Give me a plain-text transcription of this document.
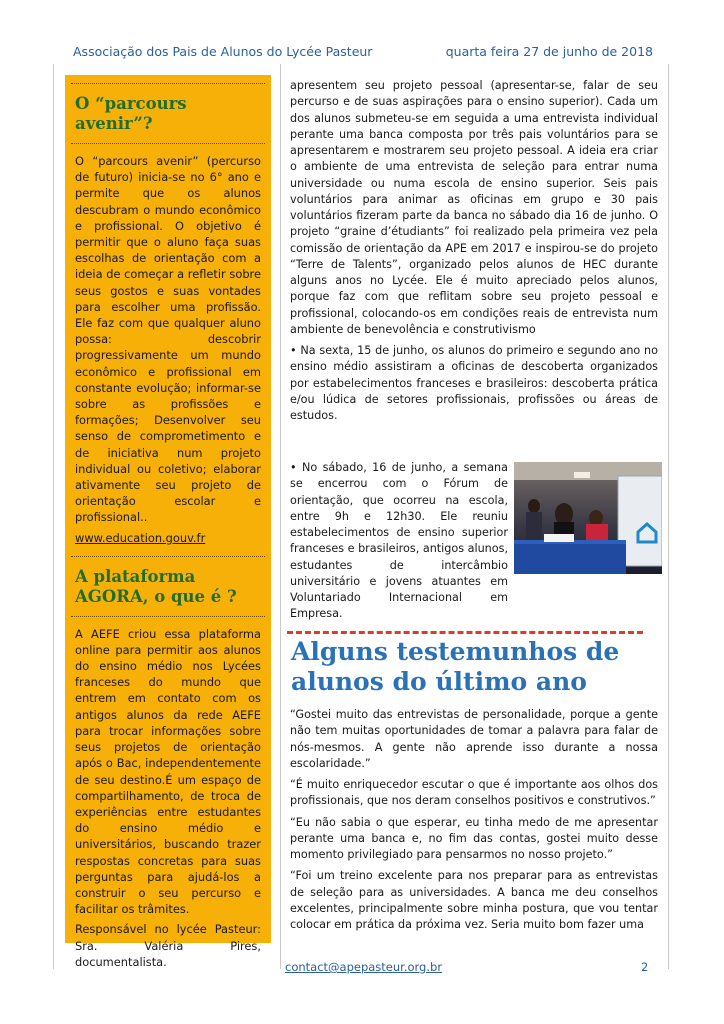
Associação dos Pais de Alunos do Lycée Pasteur	quarta feira 27 de junho de 2018
O “parcours avenir”?

O “parcours avenir” (percurso de futuro) inicia-se no 6° ano e permite que os alunos descubram o mundo econômico e profissional. O objetivo é permitir que o aluno faça suas escolhas de orientação com a ideia de começar a refletir sobre seus gostos e suas vontades para escolher uma profissão. Ele faz com que qualquer aluno possa: descobrir progressivamente um mundo econômico e profissional em constante evolução; informar-se sobre as profissões e formações; Desenvolver seu senso de comprometimento e de iniciativa num projeto individual ou coletivo; elaborar ativamente seu projeto de orientação escolar e profissional..

www.education.gouv.fr
A plataforma AGORA, o que é ?

A AEFE criou essa plataforma online para permitir aos alunos do ensino médio nos Lycées franceses do mundo que entrem em contato com os antigos alunos da rede AEFE para trocar informações sobre seus projetos de orientação após o Bac, independentemente de seu destino.É um espaço de compartilhamento, de troca de experiências entre estudantes do ensino médio e universitários, buscando trazer respostas concretas para suas perguntas para ajudá-los a construir o seu percurso e facilitar os trâmites.

Responsável no lycée Pasteur: Sra. Valéria Pires, documentalista.

apresentem seu projeto pessoal (apresentar-se, falar de seu percurso e de suas aspirações para o ensino superior). Cada um dos alunos submeteu-se em seguida a uma entrevista individual perante uma banca composta por três pais voluntários para se apresentarem e mostrarem seu projeto pessoal. A ideia era criar o ambiente de uma entrevista de seleção para entrar numa universidade ou numa escola de ensino superior. Seis pais voluntários para animar as oficinas em grupo e 30 pais voluntários fizeram parte da banca no sábado dia 16 de junho. O projeto “graine d’étudiants” foi realizado pela primeira vez pela comissão de orientação da APE em 2017 e inspirou-se do projeto “Terre de Talents”, organizado pelos alunos de HEC durante alguns anos no Lycée. Ele é muito apreciado pelos alunos, porque faz com que reflitam sobre seu projeto pessoal e profissional, colocando-os em condições reais de entrevista num ambiente de benevolência e construtivismo

• Na sexta, 15 de junho, os alunos do primeiro e segundo ano no ensino médio assistiram a oficinas de descoberta organizados por estabelecimentos franceses e brasileiros: descoberta prática e/ou lúdica de setores profissionais, profissões ou áreas de estudos.

• No sábado, 16 de junho, a semana se encerrou com o Fórum de orientação, que ocorreu na escola, entre 9h e 12h30. Ele reuniu estabelecimentos de ensino superior franceses e brasileiros, antigos alunos, estudantes de intercâmbio universitário e jovens atuantes em Voluntariado Internacional em Empresa.
Alguns testemunhos de alunos do último ano

“Gostei muito das entrevistas de personalidade, porque a gente não tem muitas oportunidades de tomar a palavra para falar de nós-mesmos. A gente não aprende isso durante a nossa escolaridade.”

“É muito enriquecedor escutar o que é importante aos olhos dos profissionais, que nos deram conselhos positivos e construtivos.”

“Eu não sabia o que esperar, eu tinha medo de me apresentar perante uma banca e, no fim das contas, gostei muito desse momento privilegiado para pensarmos no nosso projeto.”

“Foi um treino excelente para nos preparar para as entrevistas de seleção para as universidades. A banca me deu conselhos excelentes, principalmente sobre minha postura, que vou tentar colocar em prática da próxima vez. Seria muito bom fazer uma

contact@apepasteur.org.br	2
